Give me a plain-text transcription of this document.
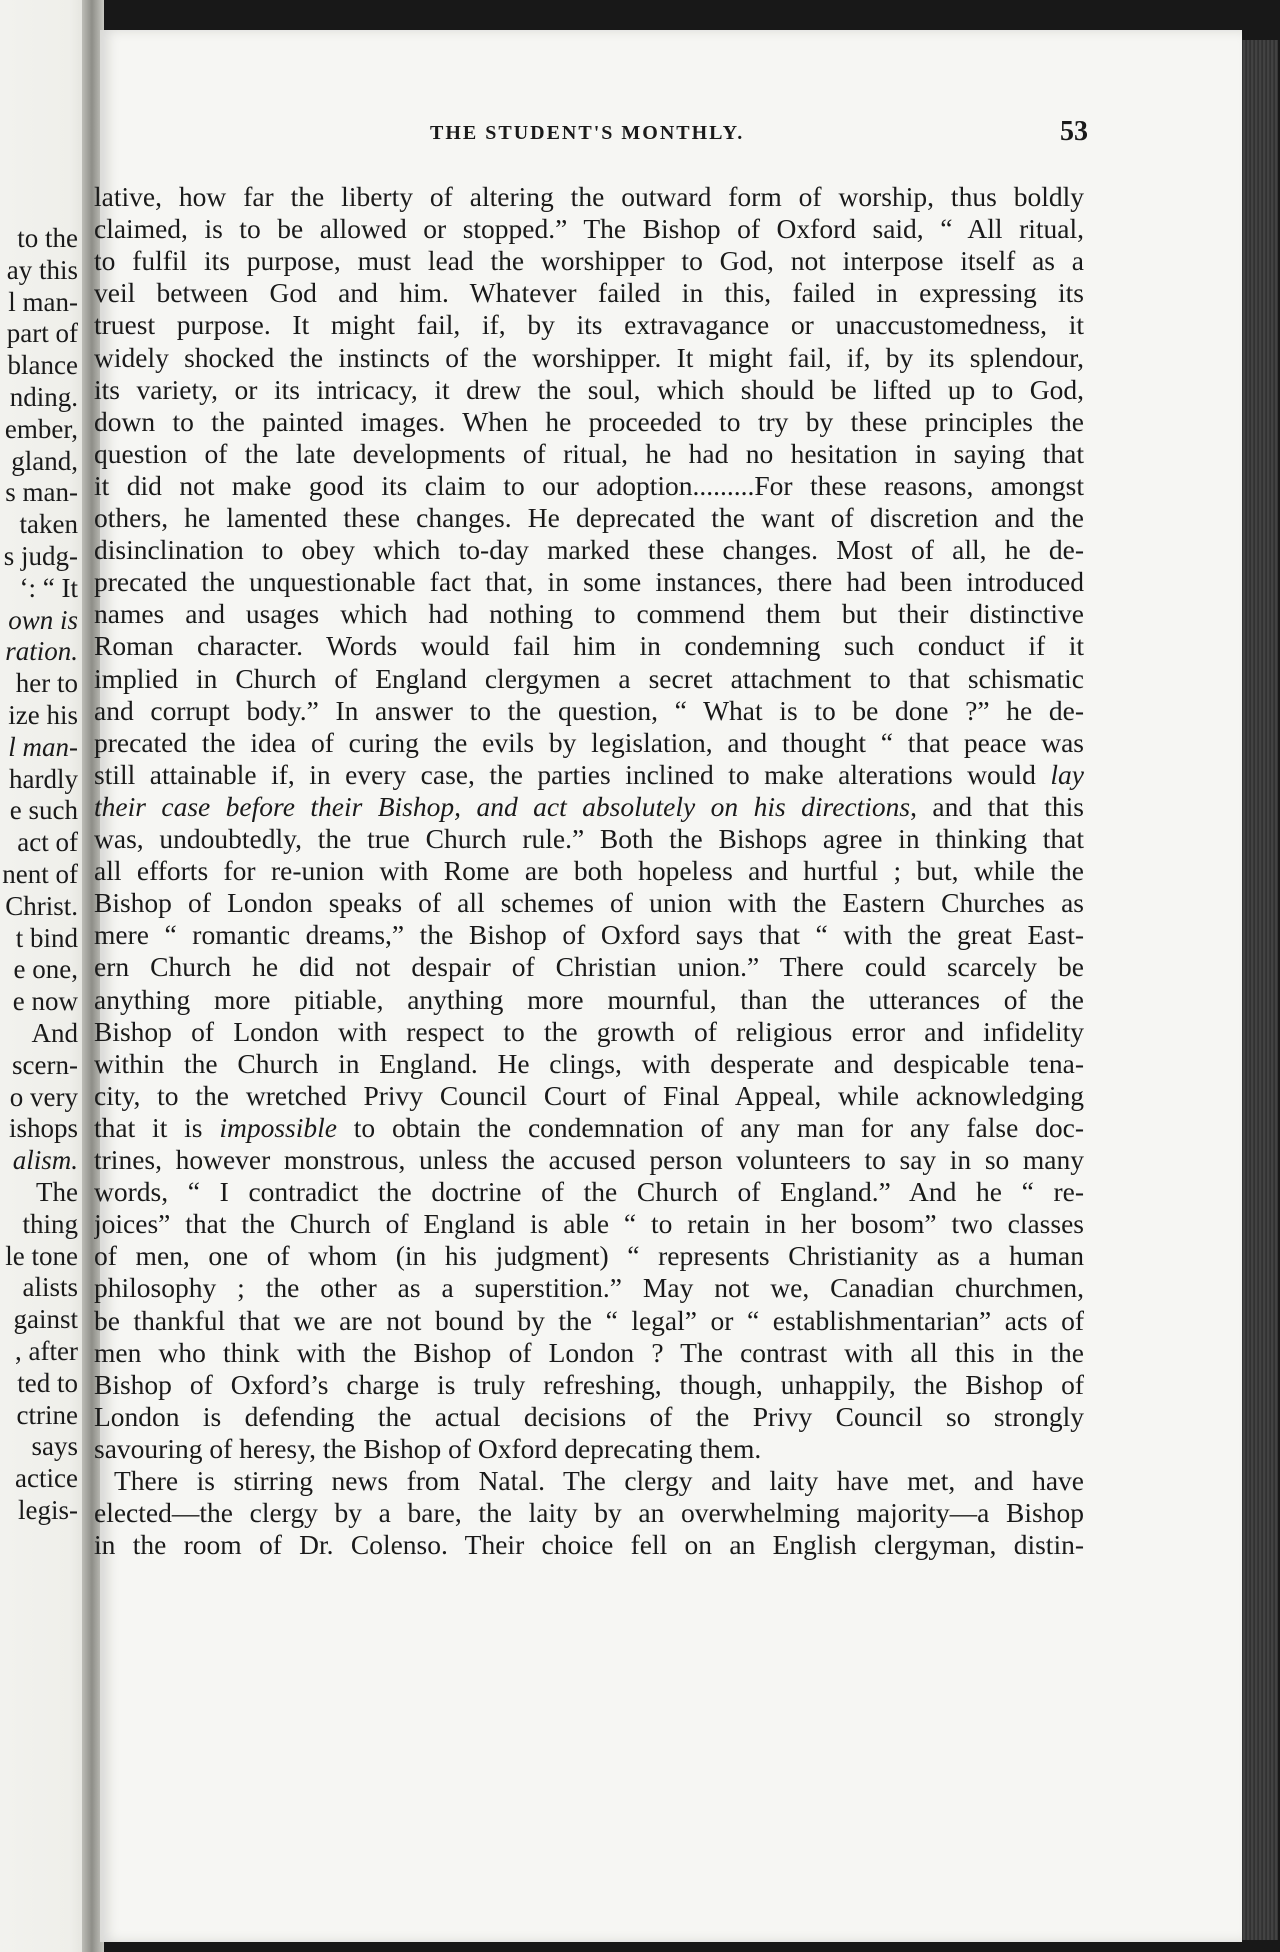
to the
ay this
l man-
part of
blance
nding.
ember,
gland,
s man-
taken
s judg-
‘: “ It
own is
ration.
her to
ize his
l man-
hardly
e such
act of
nent of
Christ.
t bind
e one,
e now
And
scern-
o very
ishops
alism.
The
thing
le tone
alists
gainst
, after
ted to
ctrine
says
actice
legis-
THE STUDENT'S MONTHLY.	53
lative, how far the liberty of altering the outward form of worship, thus boldly
claimed, is to be allowed or stopped.” The Bishop of Oxford said, “ All ritual,
to fulfil its purpose, must lead the worshipper to God, not interpose itself as a
veil between God and him. Whatever failed in this, failed in expressing its
truest purpose. It might fail, if, by its extravagance or unaccustomedness, it
widely shocked the instincts of the worshipper. It might fail, if, by its splendour,
its variety, or its intricacy, it drew the soul, which should be lifted up to God,
down to the painted images. When he proceeded to try by these principles the
question of the late developments of ritual, he had no hesitation in saying that
it did not make good its claim to our adoption.........For these reasons, amongst
others, he lamented these changes. He deprecated the want of discretion and the
disinclination to obey which to-day marked these changes. Most of all, he de-
precated the unquestionable fact that, in some instances, there had been introduced
names and usages which had nothing to commend them but their distinctive
Roman character. Words would fail him in condemning such conduct if it
implied in Church of England clergymen a secret attachment to that schismatic
and corrupt body.” In answer to the question, “ What is to be done ?” he de-
precated the idea of curing the evils by legislation, and thought “ that peace was
still attainable if, in every case, the parties inclined to make alterations would lay
their case before their Bishop, and act absolutely on his directions, and that this
was, undoubtedly, the true Church rule.” Both the Bishops agree in thinking that
all efforts for re-union with Rome are both hopeless and hurtful ; but, while the
Bishop of London speaks of all schemes of union with the Eastern Churches as
mere “ romantic dreams,” the Bishop of Oxford says that “ with the great East-
ern Church he did not despair of Christian union.” There could scarcely be
anything more pitiable, anything more mournful, than the utterances of the
Bishop of London with respect to the growth of religious error and infidelity
within the Church in England. He clings, with desperate and despicable tena-
city, to the wretched Privy Council Court of Final Appeal, while acknowledging
that it is impossible to obtain the condemnation of any man for any false doc-
trines, however monstrous, unless the accused person volunteers to say in so many
words, “ I contradict the doctrine of the Church of England.” And he “ re-
joices” that the Church of England is able “ to retain in her bosom” two classes
of men, one of whom (in his judgment) “ represents Christianity as a human
philosophy ; the other as a superstition.” May not we, Canadian churchmen,
be thankful that we are not bound by the “ legal” or “ establishmentarian” acts of
men who think with the Bishop of London ? The contrast with all this in the
Bishop of Oxford’s charge is truly refreshing, though, unhappily, the Bishop of
London is defending the actual decisions of the Privy Council so strongly
savouring of heresy, the Bishop of Oxford deprecating them.
There is stirring news from Natal. The clergy and laity have met, and have
elected—the clergy by a bare, the laity by an overwhelming majority—a Bishop
in the room of Dr. Colenso. Their choice fell on an English clergyman, distin-
